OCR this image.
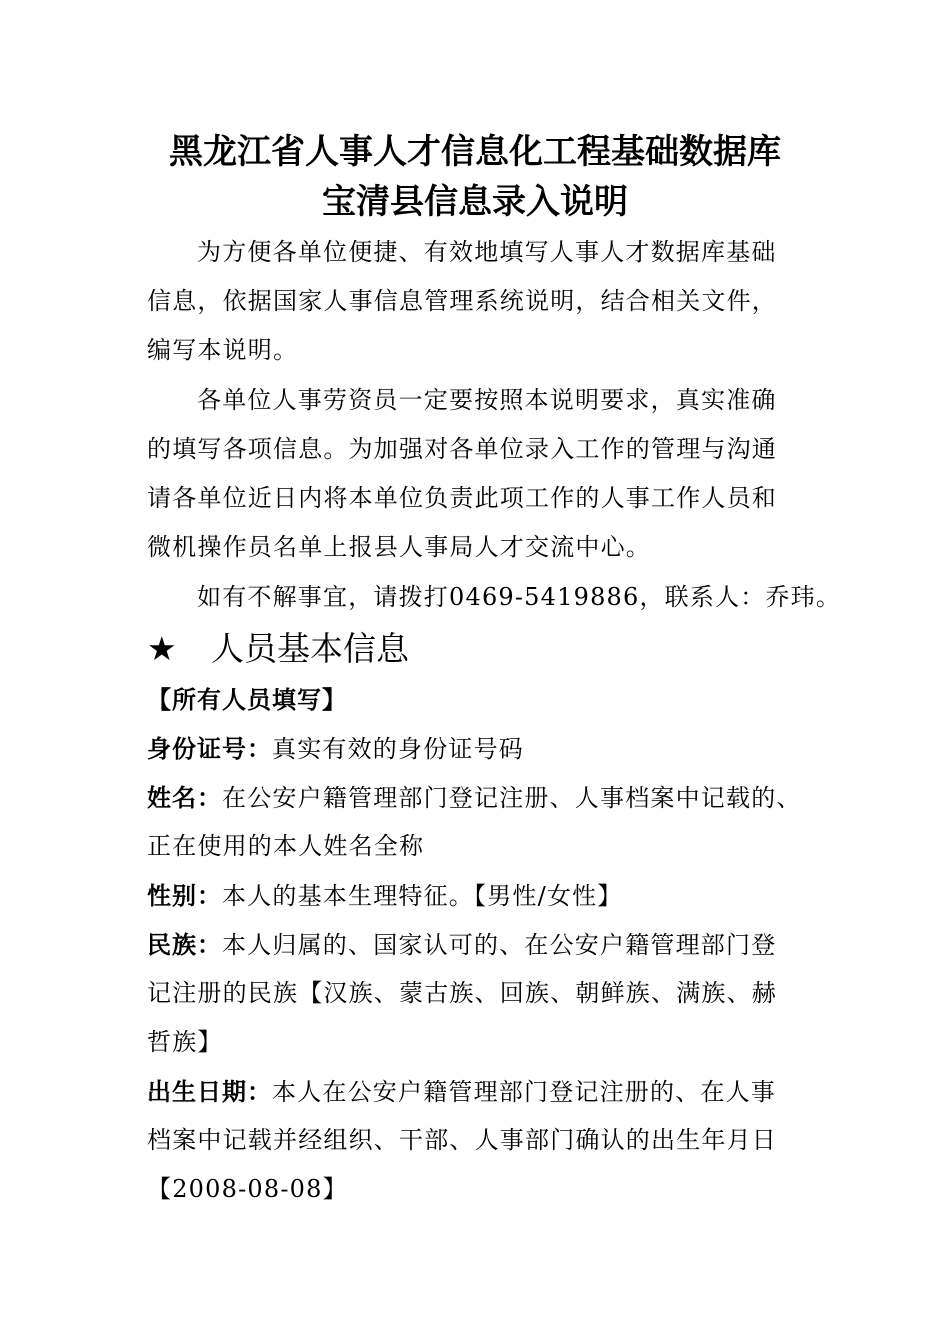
黑龙江省人事人才信息化工程基础数据库
宝清县信息录入说明
为方便各单位便捷、有效地填写人事人才数据库基础
信息，依据国家人事信息管理系统说明，结合相关文件，
编写本说明。
各单位人事劳资员一定要按照本说明要求，真实准确
的填写各项信息。为加强对各单位录入工作的管理与沟通
请各单位近日内将本单位负责此项工作的人事工作人员和
微机操作员名单上报县人事局人才交流中心。
如有不解事宜，请拨打0469-5419886，联系人：乔玮。
★ 人员基本信息
【所有人员填写】
身份证号：真实有效的身份证号码
姓名：在公安户籍管理部门登记注册、人事档案中记载的、
正在使用的本人姓名全称
性别：本人的基本生理特征。【男性/女性】
民族：本人归属的、国家认可的、在公安户籍管理部门登
记注册的民族【汉族、蒙古族、回族、朝鲜族、满族、赫
哲族】
出生日期：本人在公安户籍管理部门登记注册的、在人事
档案中记载并经组织、干部、人事部门确认的出生年月日
【2008-08-08】
